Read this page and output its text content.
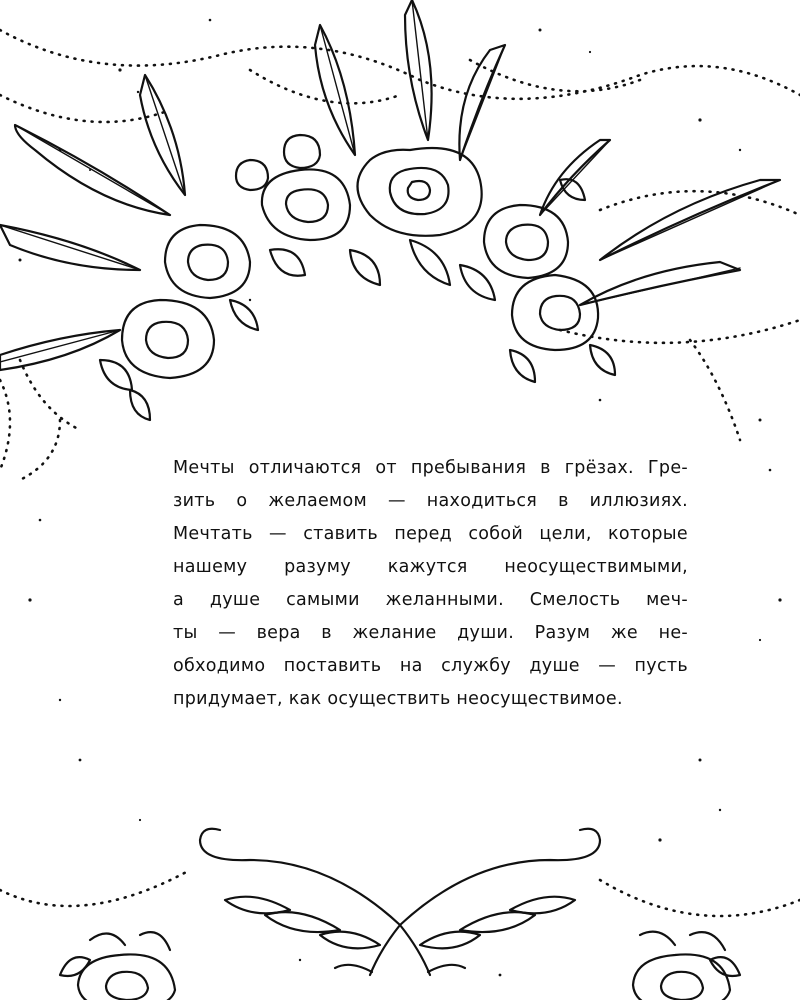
Мечты отличаются от пребывания в грёзах. Гре-
зить о желаемом — находиться в иллюзиях.
Мечтать — ставить перед собой цели, которые
нашему разуму кажутся неосуществимыми,
а душе самыми желанными. Смелость меч-
ты — вера в желание души. Разум же не-
обходимо поставить на службу душе — пусть
придумает, как осуществить неосуществимое.
